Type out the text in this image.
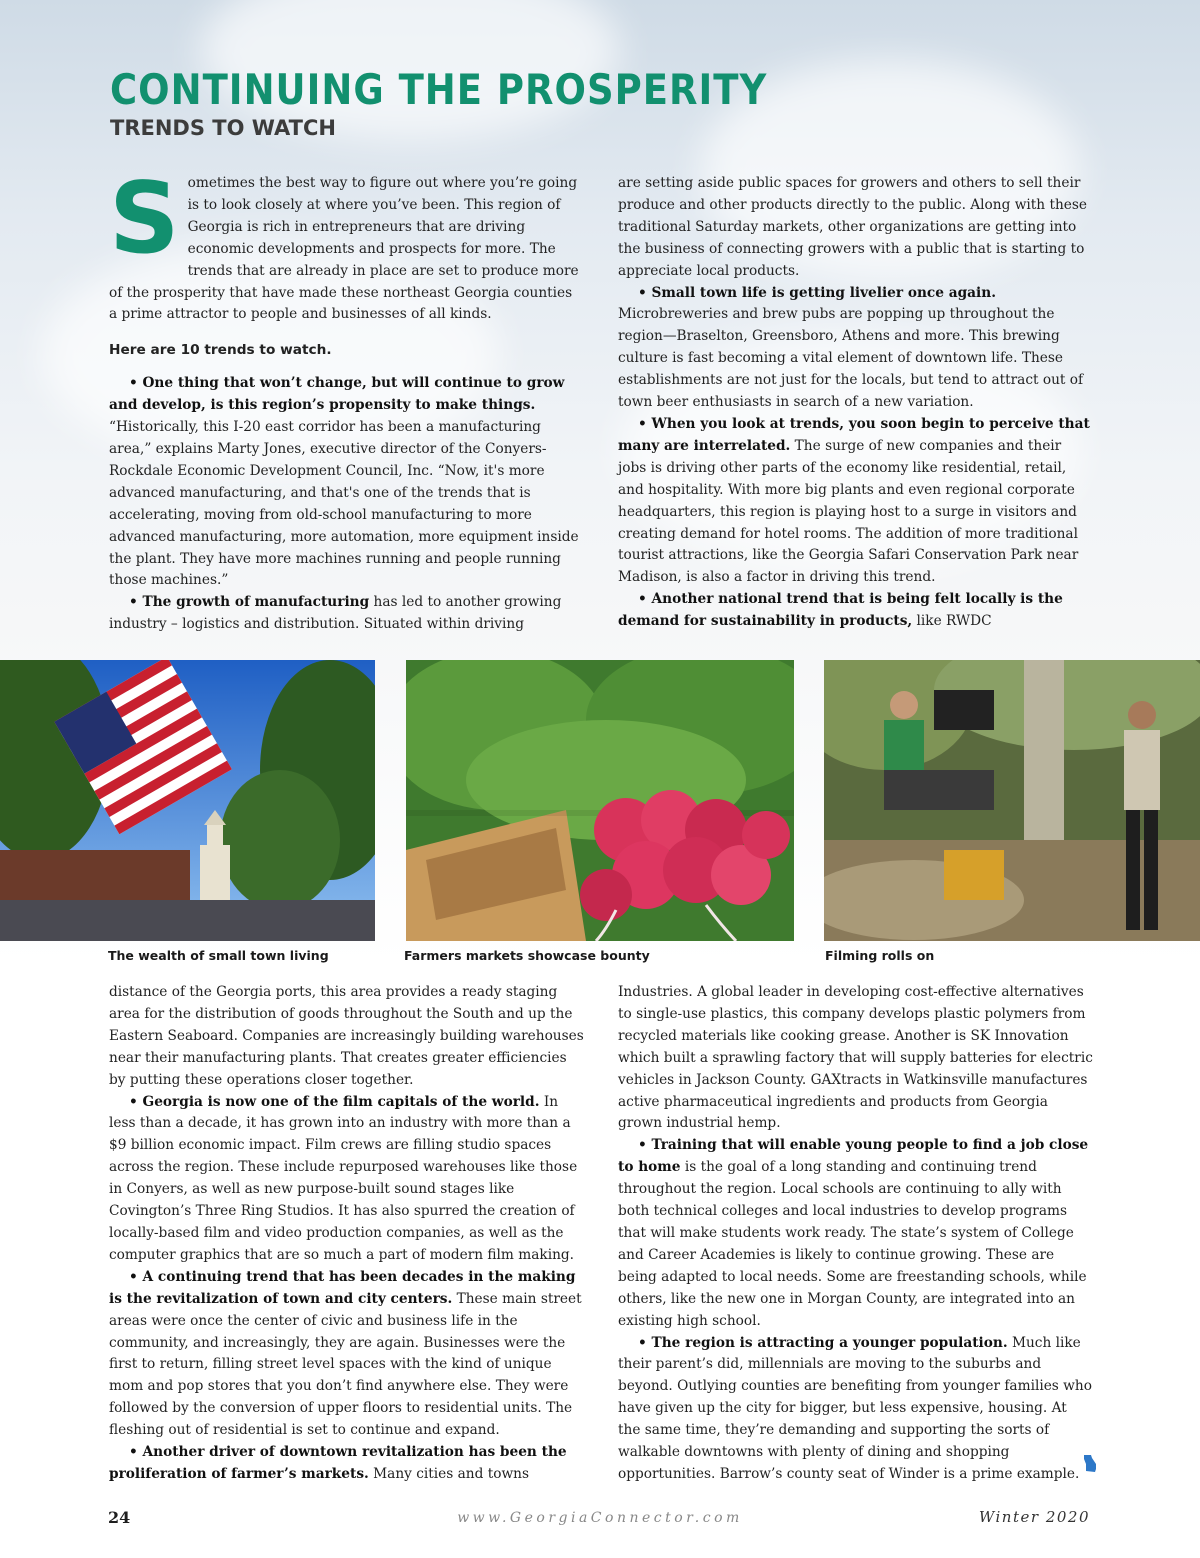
CONTINUING THE PROSPERITY
TRENDS TO WATCH

Sometimes the best way to figure out where you’re going is to look closely at where you’ve been. This region of Georgia is rich in entrepreneurs that are driving economic developments and prospects for more. The trends that are already in place are set to produce more of the prosperity that have made these northeast Georgia counties a prime attractor to people and businesses of all kinds.

Here are 10 trends to watch.

• One thing that won’t change, but will continue to grow and develop, is this region’s propensity to make things. “Historically, this I-20 east corridor has been a manufacturing area,” explains Marty Jones, executive director of the Conyers-Rockdale Economic Development Council, Inc. “Now, it's more advanced manufacturing, and that's one of the trends that is accelerating, moving from old-school manufacturing to more advanced manufacturing, more automation, more equipment inside the plant. They have more machines running and people running those machines.”

• The growth of manufacturing has led to another growing industry – logistics and distribution. Situated within driving

are setting aside public spaces for growers and others to sell their produce and other products directly to the public. Along with these traditional Saturday markets, other organizations are getting into the business of connecting growers with a public that is starting to appreciate local products.

• Small town life is getting livelier once again. Microbreweries and brew pubs are popping up throughout the region—Braselton, Greensboro, Athens and more. This brewing culture is fast becoming a vital element of downtown life. These establishments are not just for the locals, but tend to attract out of town beer enthusiasts in search of a new variation.

• When you look at trends, you soon begin to perceive that many are interrelated. The surge of new companies and their jobs is driving other parts of the economy like residential, retail, and hospitality. With more big plants and even regional corporate headquarters, this region is playing host to a surge in visitors and creating demand for hotel rooms. The addition of more traditional tourist attractions, like the Georgia Safari Conservation Park near Madison, is also a factor in driving this trend.

• Another national trend that is being felt locally is the demand for sustainability in products, like RWDC

The wealth of small town living	Farmers markets showcase bounty	Filming rolls on

distance of the Georgia ports, this area provides a ready staging area for the distribution of goods throughout the South and up the Eastern Seaboard. Companies are increasingly building warehouses near their manufacturing plants. That creates greater efficiencies by putting these operations closer together.

• Georgia is now one of the film capitals of the world. In less than a decade, it has grown into an industry with more than a $9 billion economic impact. Film crews are filling studio spaces across the region. These include repurposed warehouses like those in Conyers, as well as new purpose-built sound stages like Covington’s Three Ring Studios. It has also spurred the creation of locally-based film and video production companies, as well as the computer graphics that are so much a part of modern film making.

• A continuing trend that has been decades in the making is the revitalization of town and city centers. These main street areas were once the center of civic and business life in the community, and increasingly, they are again. Businesses were the first to return, filling street level spaces with the kind of unique mom and pop stores that you don’t find anywhere else. They were followed by the conversion of upper floors to residential units. The fleshing out of residential is set to continue and expand.

• Another driver of downtown revitalization has been the proliferation of farmer’s markets. Many cities and towns

Industries. A global leader in developing cost-effective alternatives to single-use plastics, this company develops plastic polymers from recycled materials like cooking grease. Another is SK Innovation which built a sprawling factory that will supply batteries for electric vehicles in Jackson County. GAXtracts in Watkinsville manufactures active pharmaceutical ingredients and products from Georgia grown industrial hemp.

• Training that will enable young people to find a job close to home is the goal of a long standing and continuing trend throughout the region. Local schools are continuing to ally with both technical colleges and local industries to develop programs that will make students work ready. The state’s system of College and Career Academies is likely to continue growing. These are being adapted to local needs. Some are freestanding schools, while others, like the new one in Morgan County, are integrated into an existing high school.

• The region is attracting a younger population. Much like their parent’s did, millennials are moving to the suburbs and beyond. Outlying counties are benefiting from younger families who have given up the city for bigger, but less expensive, housing. At the same time, they’re demanding and supporting the sorts of walkable downtowns with plenty of dining and shopping opportunities. Barrow’s county seat of Winder is a prime example.

24	www.GeorgiaConnector.com	Winter 2020
